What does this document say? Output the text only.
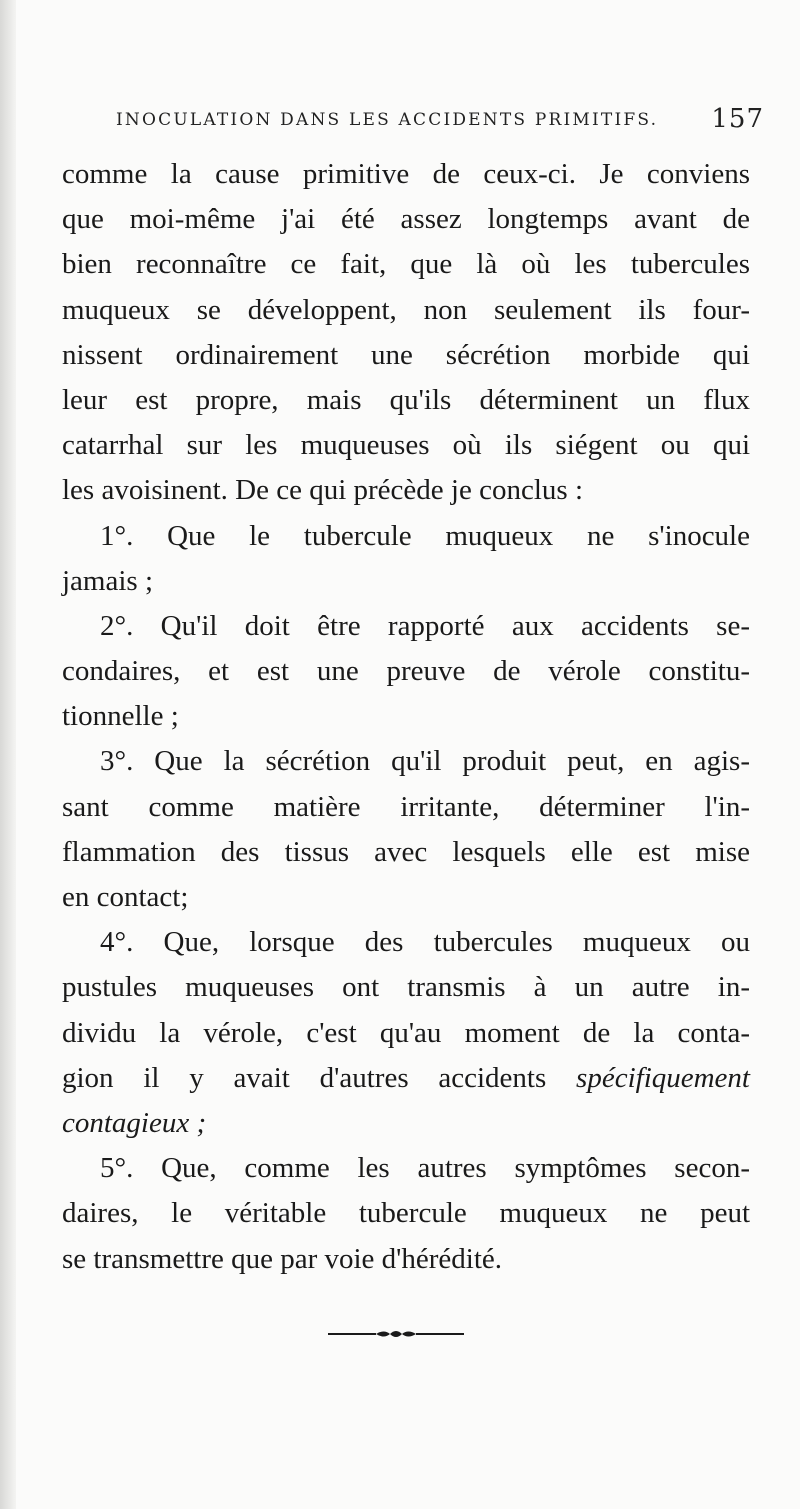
INOCULATION DANS LES ACCIDENTS PRIMITIFS. 157
comme la cause primitive de ceux-ci. Je conviens
que moi-même j'ai été assez longtemps avant de
bien reconnaître ce fait, que là où les tubercules
muqueux se développent, non seulement ils four-
nissent ordinairement une sécrétion morbide qui
leur est propre, mais qu'ils déterminent un flux
catarrhal sur les muqueuses où ils siégent ou qui
les avoisinent. De ce qui précède je conclus :
1°. Que le tubercule muqueux ne s'inocule
jamais ;
2°. Qu'il doit être rapporté aux accidents se-
condaires, et est une preuve de vérole constitu-
tionnelle ;
3°. Que la sécrétion qu'il produit peut, en agis-
sant comme matière irritante, déterminer l'in-
flammation des tissus avec lesquels elle est mise
en contact;
4°. Que, lorsque des tubercules muqueux ou
pustules muqueuses ont transmis à un autre in-
dividu la vérole, c'est qu'au moment de la conta-
gion il y avait d'autres accidents spécifiquement
contagieux ;
5°. Que, comme les autres symptômes secon-
daires, le véritable tubercule muqueux ne peut
se transmettre que par voie d'hérédité.
